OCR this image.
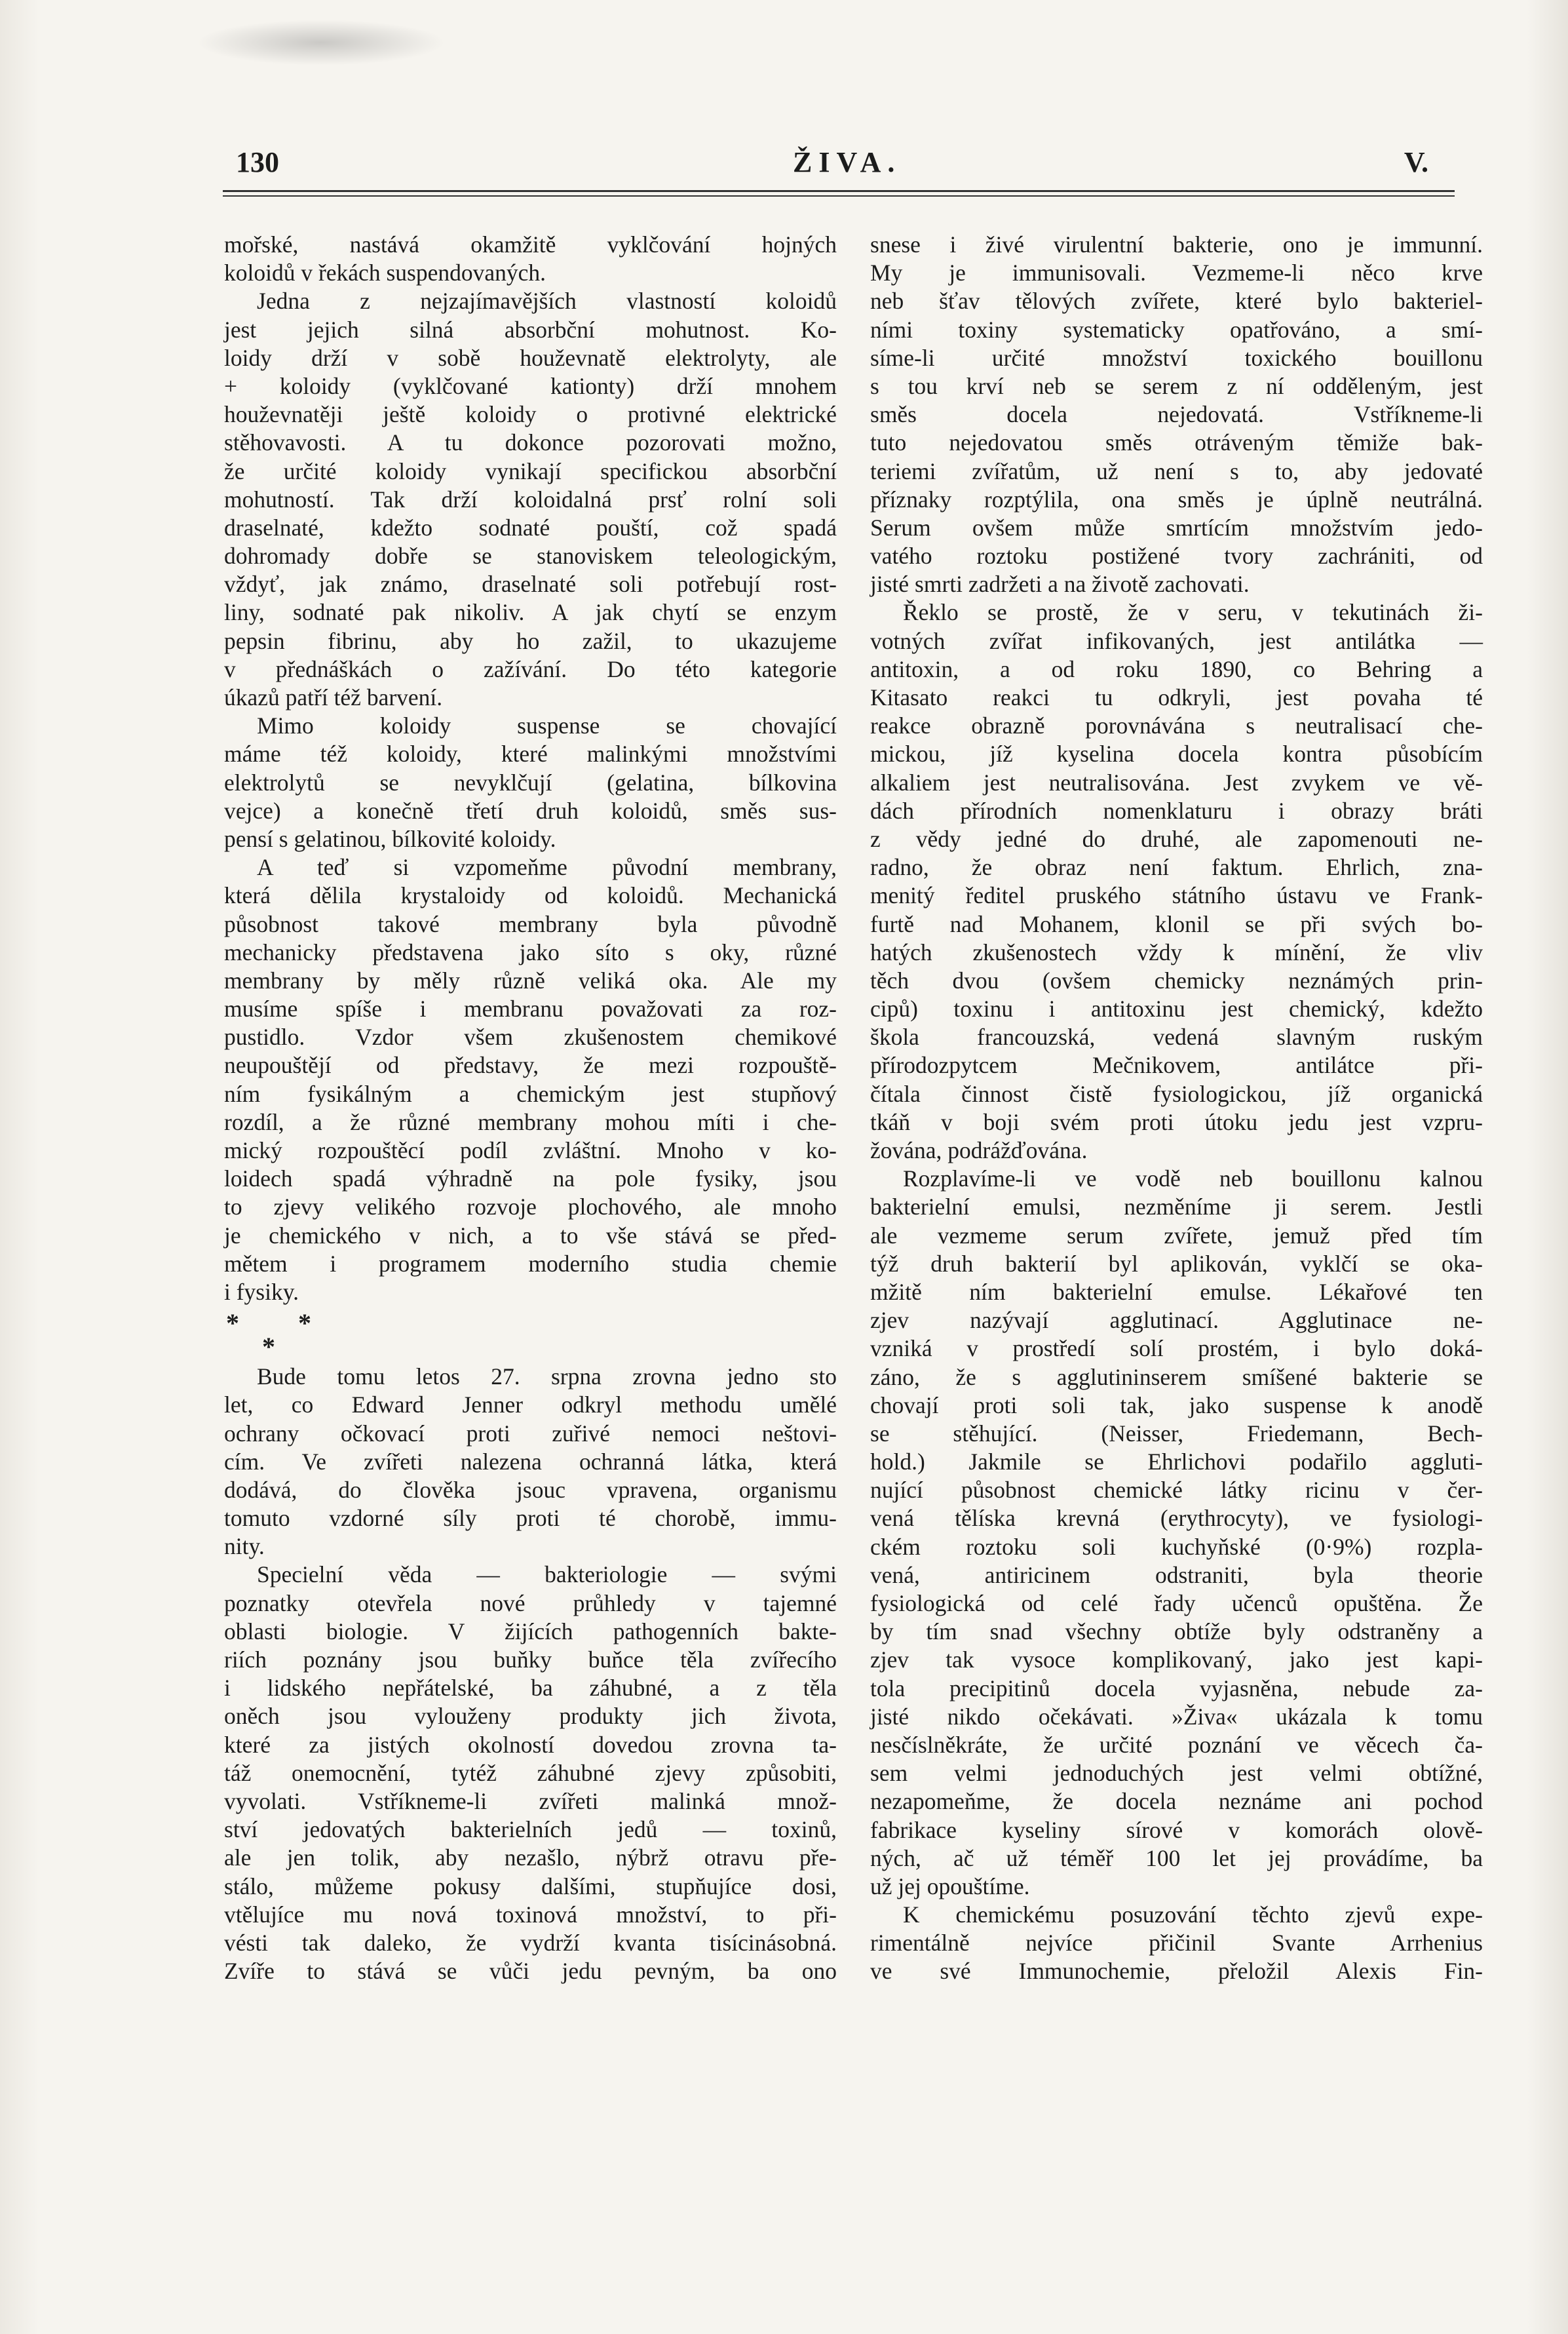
130	ŽIVA.	V.
mořské, nastává okamžitě vyklčování hojných
koloidů v řekách suspendovaných.
Jedna z nejzajímavějších vlastností koloidů
jest jejich silná absorbční mohutnost. Ko-
loidy drží v sobě houževnatě elektrolyty, ale
+ koloidy (vyklčované kationty) drží mnohem
houževnatěji ještě koloidy o protivné elektrické
stěhovavosti. A tu dokonce pozorovati možno,
že určité koloidy vynikají specifickou absorbční
mohutností. Tak drží koloidalná prsť rolní soli
draselnaté, kdežto sodnaté pouští, což spadá
dohromady dobře se stanoviskem teleologickým,
vždyť, jak známo, draselnaté soli potřebují rost-
liny, sodnaté pak nikoliv. A jak chytí se enzym
pepsin fibrinu, aby ho zažil, to ukazujeme
v přednáškách o zažívání. Do této kategorie
úkazů patří též barvení.
Mimo koloidy suspense se chovající
máme též koloidy, které malinkými množstvími
elektrolytů se nevyklčují (gelatina, bílkovina
vejce) a konečně třetí druh koloidů, směs sus-
pensí s gelatinou, bílkovité koloidy.
A teď si vzpomeňme původní membrany,
která dělila krystaloidy od koloidů. Mechanická
působnost takové membrany byla původně
mechanicky představena jako síto s oky, různé
membrany by měly různě veliká oka. Ale my
musíme spíše i membranu považovati za roz-
pustidlo. Vzdor všem zkušenostem chemikové
neupouštějí od představy, že mezi rozpouště-
ním fysikálným a chemickým jest stupňový
rozdíl, a že různé membrany mohou míti i che-
mický rozpouštěcí podíl zvláštní. Mnoho v ko-
loidech spadá výhradně na pole fysiky, jsou
to zjevy velikého rozvoje plochového, ale mnoho
je chemického v nich, a to vše stává se před-
mětem i programem moderního studia chemie
i fysiky.
* *
*
Bude tomu letos 27. srpna zrovna jedno sto
let, co Edward Jenner odkryl methodu umělé
ochrany očkovací proti zuřivé nemoci neštovi-
cím. Ve zvířeti nalezena ochranná látka, která
dodává, do člověka jsouc vpravena, organismu
tomuto vzdorné síly proti té chorobě, immu-
nity.
Specielní věda — bakteriologie — svými
poznatky otevřela nové průhledy v tajemné
oblasti biologie. V žijících pathogenních bakte-
riích poznány jsou buňky buňce těla zvířecího
i lidského nepřátelské, ba záhubné, a z těla
oněch jsou vylouženy produkty jich života,
které za jistých okolností dovedou zrovna ta-
táž onemocnění, tytéž záhubné zjevy způsobiti,
vyvolati. Vstříkneme-li zvířeti malinká množ-
ství jedovatých bakterielních jedů — toxinů,
ale jen tolik, aby nezašlo, nýbrž otravu pře-
stálo, můžeme pokusy dalšími, stupňujíce dosi,
vtělujíce mu nová toxinová množství, to při-
vésti tak daleko, že vydrží kvanta tisícinásobná.
Zvíře to stává se vůči jedu pevným, ba ono
snese i živé virulentní bakterie, ono je immunní.
My je immunisovali. Vezmeme-li něco krve
neb šťav tělových zvířete, které bylo bakteriel-
ními toxiny systematicky opatřováno, a smí-
síme-li určité množství toxického bouillonu
s tou krví neb se serem z ní odděleným, jest
směs docela nejedovatá. Vstříkneme-li
tuto nejedovatou směs otráveným těmiže bak-
teriemi zvířatům, už není s to, aby jedovaté
příznaky rozptýlila, ona směs je úplně neutrálná.
Serum ovšem může smrtícím množstvím jedo-
vatého roztoku postižené tvory zachrániti, od
jisté smrti zadržeti a na životě zachovati.
Řeklo se prostě, že v seru, v tekutinách ži-
votných zvířat infikovaných, jest antilátka —
antitoxin, a od roku 1890, co Behring a
Kitasato reakci tu odkryli, jest povaha té
reakce obrazně porovnávána s neutralisací che-
mickou, jíž kyselina docela kontra působícím
alkaliem jest neutralisována. Jest zvykem ve vě-
dách přírodních nomenklaturu i obrazy bráti
z vědy jedné do druhé, ale zapomenouti ne-
radno, že obraz není faktum. Ehrlich, zna-
menitý ředitel pruského státního ústavu ve Frank-
furtě nad Mohanem, klonil se při svých bo-
hatých zkušenostech vždy k mínění, že vliv
těch dvou (ovšem chemicky neznámých prin-
cipů) toxinu i antitoxinu jest chemický, kdežto
škola francouzská, vedená slavným ruským
přírodozpytcem Mečnikovem, antilátce při-
čítala činnost čistě fysiologickou, jíž organická
tkáň v boji svém proti útoku jedu jest vzpru-
žována, podrážďována.
Rozplavíme-li ve vodě neb bouillonu kalnou
bakterielní emulsi, nezměníme ji serem. Jestli
ale vezmeme serum zvířete, jemuž před tím
týž druh bakterií byl aplikován, vyklčí se oka-
mžitě ním bakterielní emulse. Lékařové ten
zjev nazývají agglutinací. Agglutinace ne-
vzniká v prostředí solí prostém, i bylo doká-
záno, že s agglutininserem smíšené bakterie se
chovají proti soli tak, jako suspense k anodě
se stěhující. (Neisser, Friedemann, Bech-
hold.) Jakmile se Ehrlichovi podařilo aggluti-
nující působnost chemické látky ricinu v čer-
vená tělíska krevná (erythrocyty), ve fysiologi-
ckém roztoku soli kuchyňské (0·9%) rozpla-
vená, antiricinem odstraniti, byla theorie
fysiologická od celé řady učenců opuštěna. Že
by tím snad všechny obtíže byly odstraněny a
zjev tak vysoce komplikovaný, jako jest kapi-
tola precipitinů docela vyjasněna, nebude za-
jisté nikdo očekávati. »Živa« ukázala k tomu
nesčíslněkráte, že určité poznání ve věcech ča-
sem velmi jednoduchých jest velmi obtížné,
nezapomeňme, že docela neznáme ani pochod
fabrikace kyseliny sírové v komorách olově-
ných, ač už téměř 100 let jej provádíme, ba
už jej opouštíme.
K chemickému posuzování těchto zjevů expe-
rimentálně nejvíce přičinil Svante Arrhenius
ve své Immunochemie, přeložil Alexis Fin-
